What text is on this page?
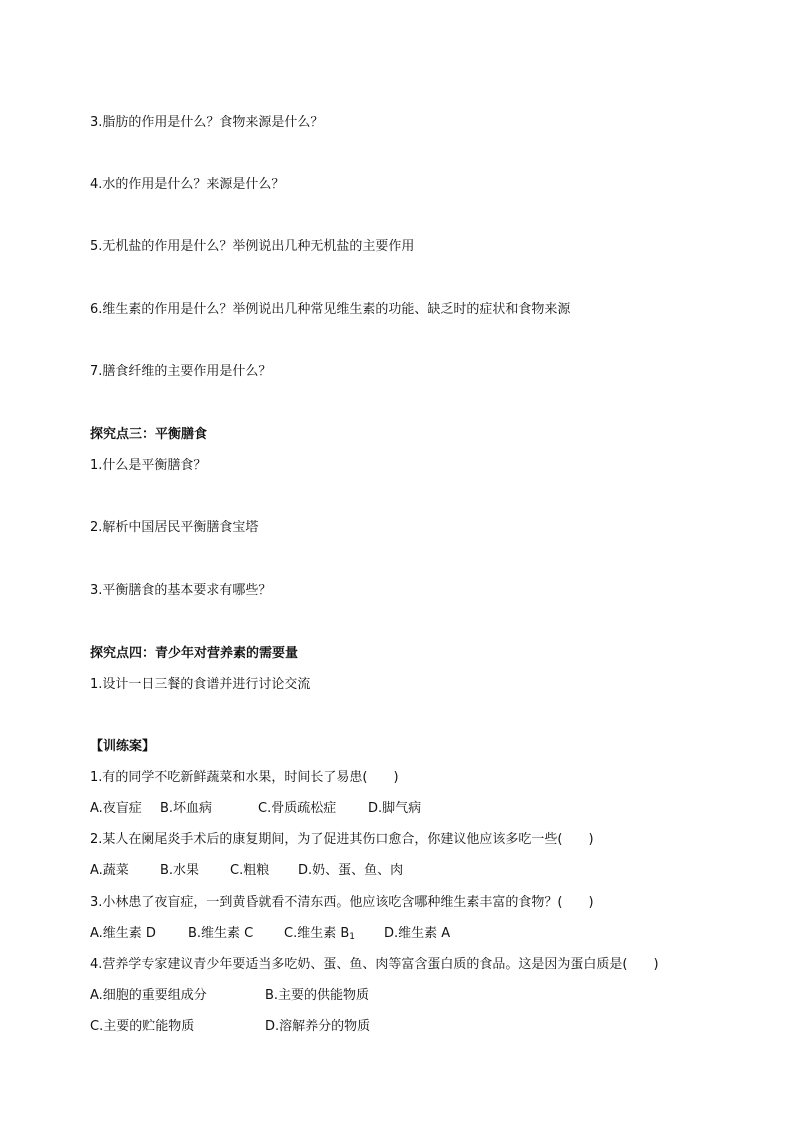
3.脂肪的作用是什么？食物来源是什么？
4.水的作用是什么？来源是什么？
5.无机盐的作用是什么？举例说出几种无机盐的主要作用
6.维生素的作用是什么？举例说出几种常见维生素的功能、缺乏时的症状和食物来源
7.膳食纤维的主要作用是什么？
探究点三：平衡膳食
1.什么是平衡膳食？
2.解析中国居民平衡膳食宝塔
3.平衡膳食的基本要求有哪些？
探究点四：青少年对营养素的需要量
1.设计一日三餐的食谱并进行讨论交流
【训练案】
1.有的同学不吃新鲜蔬菜和水果，时间长了易患(　　)
A.夜盲症 B.坏血病	C.骨质疏松症 D.脚气病
2.某人在阑尾炎手术后的康复期间，为了促进其伤口愈合，你建议他应该多吃一些(　　)
A.蔬菜 B.水果 C.粗粮 D.奶、蛋、鱼、肉
3.小林患了夜盲症，一到黄昏就看不清东西。他应该吃含哪种维生素丰富的食物？(　　)
A.维生素 D B.维生素 C C.维生素 $B_1$ D.维生素 A
4.营养学专家建议青少年要适当多吃奶、蛋、鱼、肉等富含蛋白质的食品。这是因为蛋白质是(　　)
A.细胞的重要组成分	B.主要的供能物质
C.主要的贮能物质	D.溶解养分的物质
